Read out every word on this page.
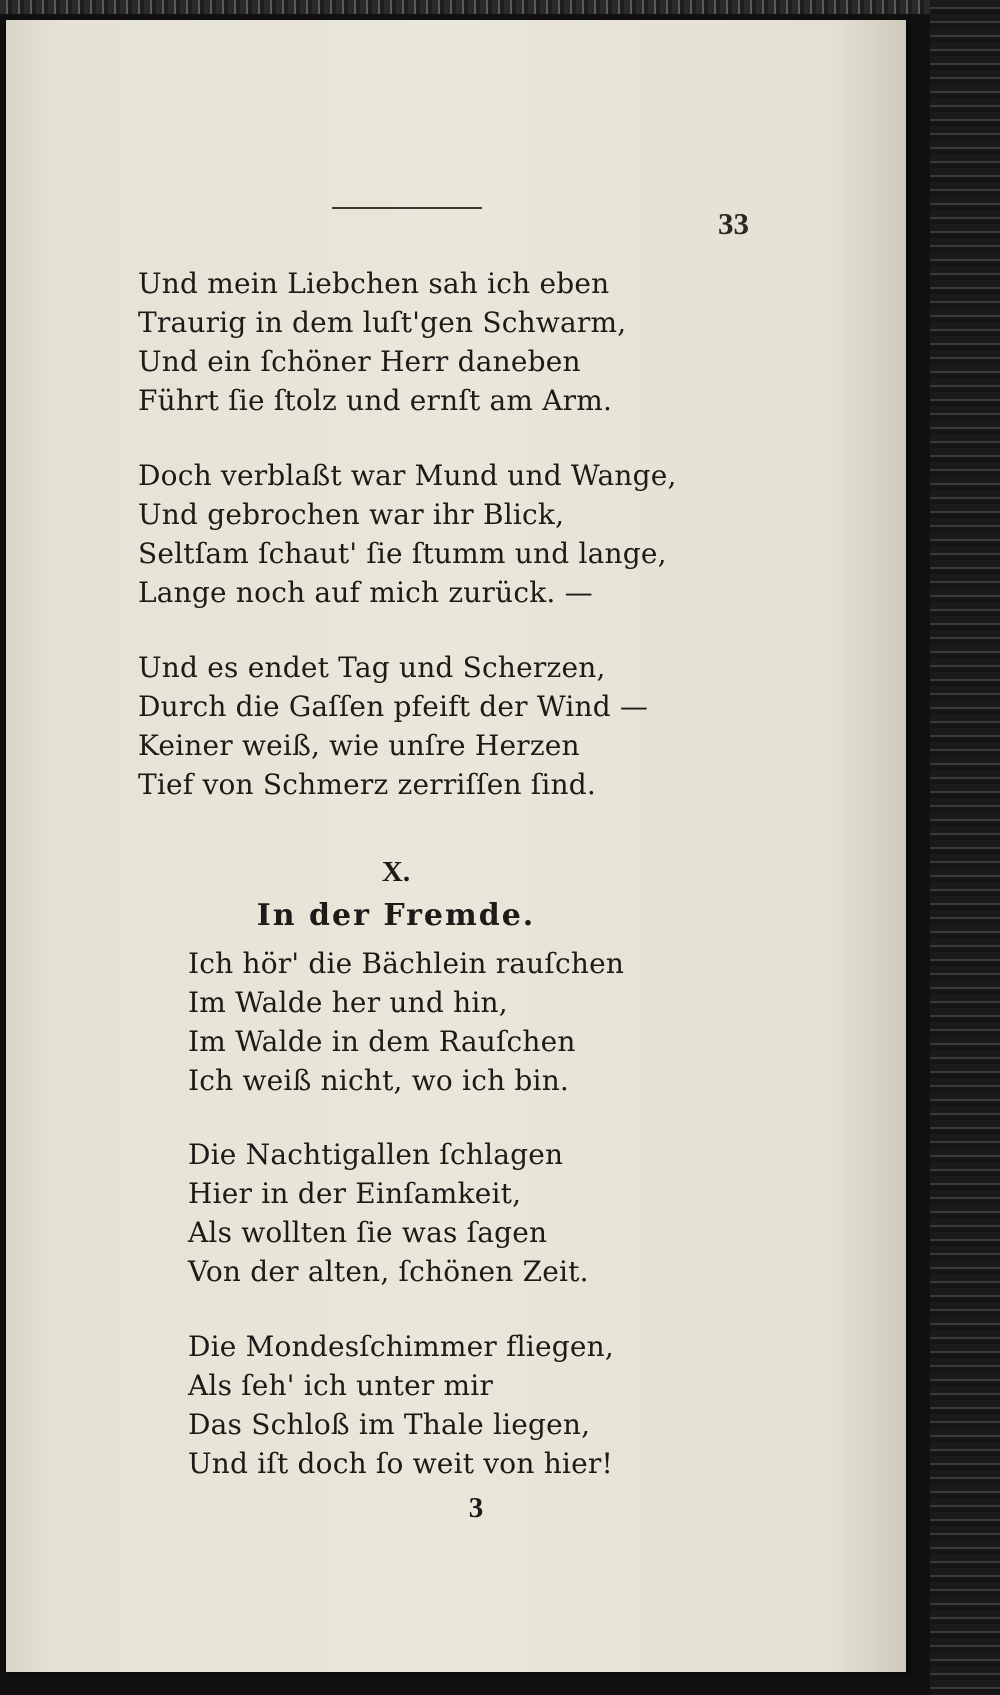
33
Und mein Liebchen sah ich eben
Traurig in dem luſt'gen Schwarm,
Und ein ſchöner Herr daneben
Führt ſie ſtolz und ernſt am Arm.
Doch verblaßt war Mund und Wange,
Und gebrochen war ihr Blick,
Seltſam ſchaut' ſie ſtumm und lange,
Lange noch auf mich zurück. —
Und es endet Tag und Scherzen,
Durch die Gaſſen pfeift der Wind —
Keiner weiß, wie unſre Herzen
Tief von Schmerz zerriſſen ſind.
X.
In der Fremde.
Ich hör' die Bächlein rauſchen
Im Walde her und hin,
Im Walde in dem Rauſchen
Ich weiß nicht, wo ich bin.
Die Nachtigallen ſchlagen
Hier in der Einſamkeit,
Als wollten ſie was ſagen
Von der alten, ſchönen Zeit.
Die Mondesſchimmer fliegen,
Als ſeh' ich unter mir
Das Schloß im Thale liegen,
Und iſt doch ſo weit von hier!
3
